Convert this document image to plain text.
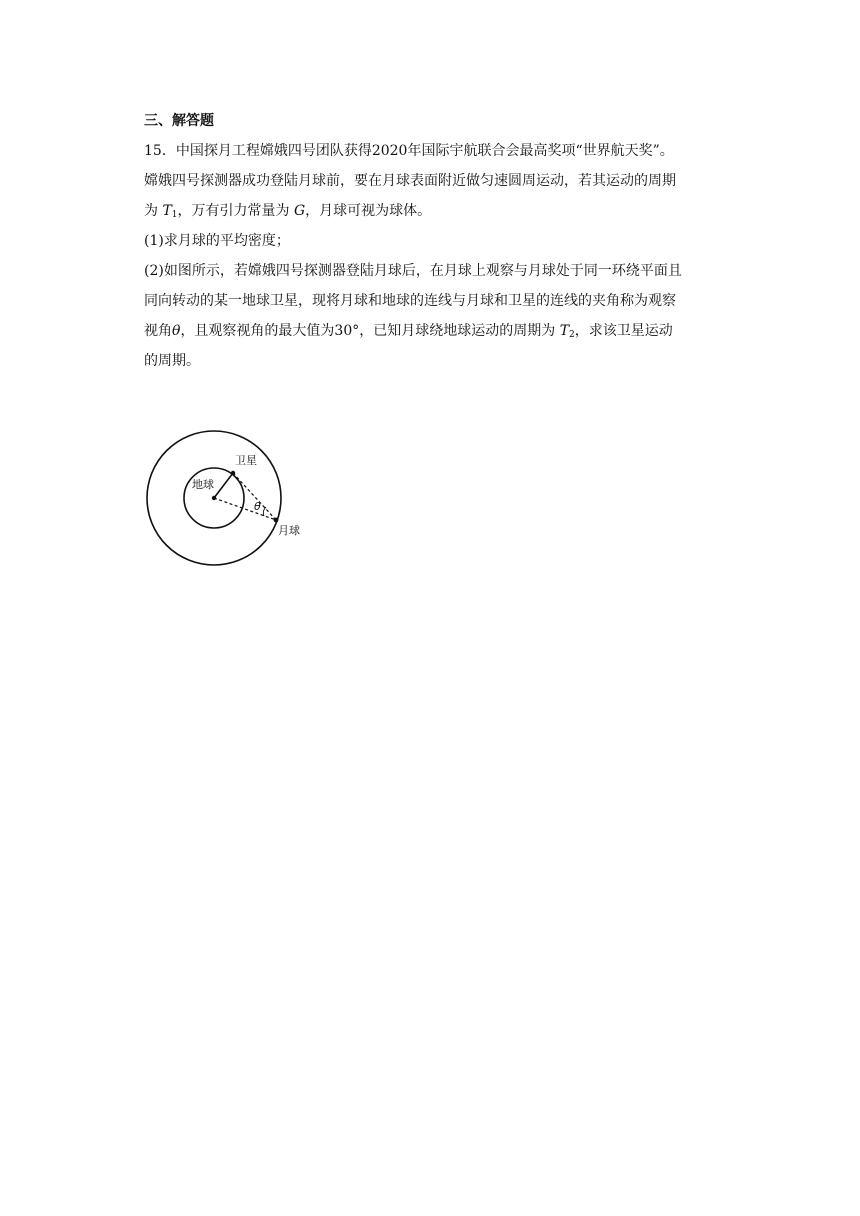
三、解答题

15．中国探月工程嫦娥四号团队获得2020年国际宇航联合会最高奖项“世界航天奖”。

嫦娥四号探测器成功登陆月球前，要在月球表面附近做匀速圆周运动，若其运动的周期

为 $T_1$，万有引力常量为 G，月球可视为球体。

(1)求月球的平均密度；

(2)如图所示，若嫦娥四号探测器登陆月球后，在月球上观察与月球处于同一环绕平面且

同向转动的某一地球卫星，现将月球和地球的连线与月球和卫星的连线的夹角称为观察

视角θ，且观察视角的最大值为30°，已知月球绕地球运动的周期为 $T_2$，求该卫星运动

的周期。

地球
卫星
月球
θ
